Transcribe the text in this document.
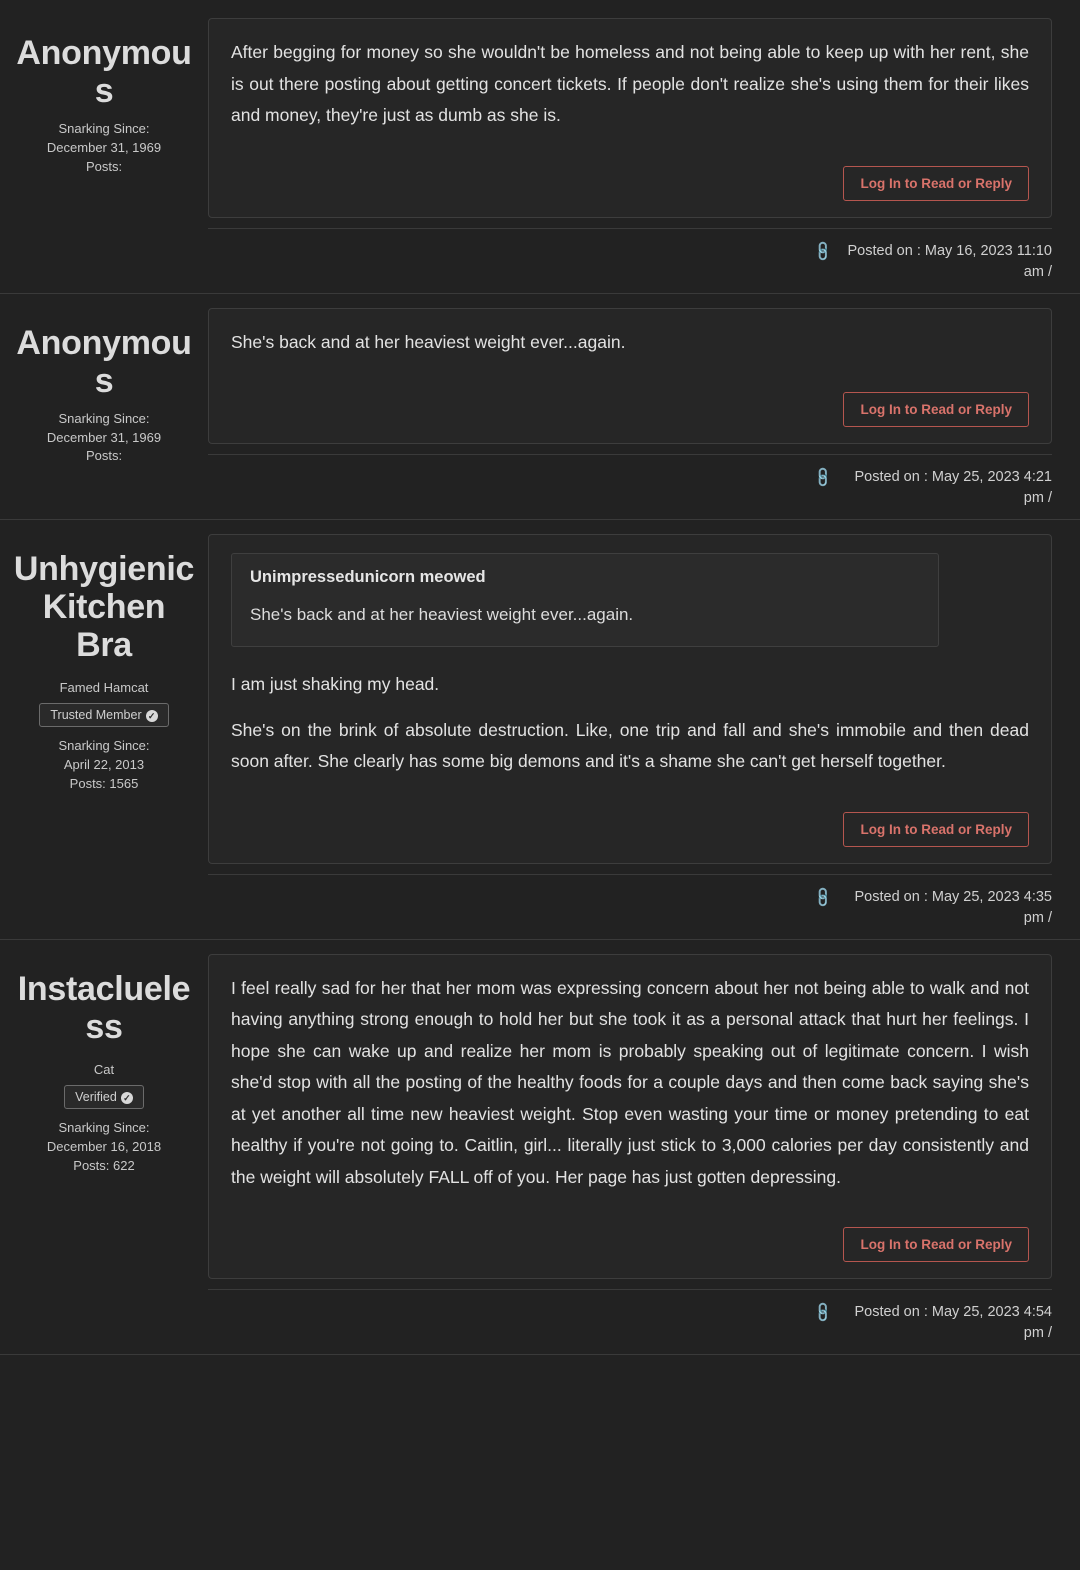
Anonymous
Snarking Since:
December 31, 1969
Posts:

After begging for money so she wouldn't be homeless and not being able to keep up with her rent, she is out there posting about getting concert tickets. If people don't realize she's using them for their likes and money, they're just as dumb as she is.

Log In to Read or Reply
🔗 Posted on : May 16, 2023 11:10 am /
Anonymous
Snarking Since:
December 31, 1969
Posts:

She's back and at her heaviest weight ever...again.

Log In to Read or Reply
🔗	Posted on : May 25, 2023 4:21 pm /
Unhygienic Kitchen Bra
Famed Hamcat
Trusted Member ✓
Snarking Since:
April 22, 2013
Posts: 1565
Unimpressedunicorn meowed

She's back and at her heaviest weight ever...again.

I am just shaking my head.

She's on the brink of absolute destruction. Like, one trip and fall and she's immobile and then dead soon after. She clearly has some big demons and it's a shame she can't get herself together.

Log In to Read or Reply
🔗	Posted on : May 25, 2023 4:35 pm /
Instaclueless
Cat
Verified ✓
Snarking Since:
December 16, 2018
Posts: 622

I feel really sad for her that her mom was expressing concern about her not being able to walk and not having anything strong enough to hold her but she took it as a personal attack that hurt her feelings. I hope she can wake up and realize her mom is probably speaking out of legitimate concern. I wish she'd stop with all the posting of the healthy foods for a couple days and then come back saying she's at yet another all time new heaviest weight. Stop even wasting your time or money pretending to eat healthy if you're not going to. Caitlin, girl... literally just stick to 3,000 calories per day consistently and the weight will absolutely FALL off of you. Her page has just gotten depressing.

Log In to Read or Reply
🔗	Posted on : May 25, 2023 4:54 pm /
